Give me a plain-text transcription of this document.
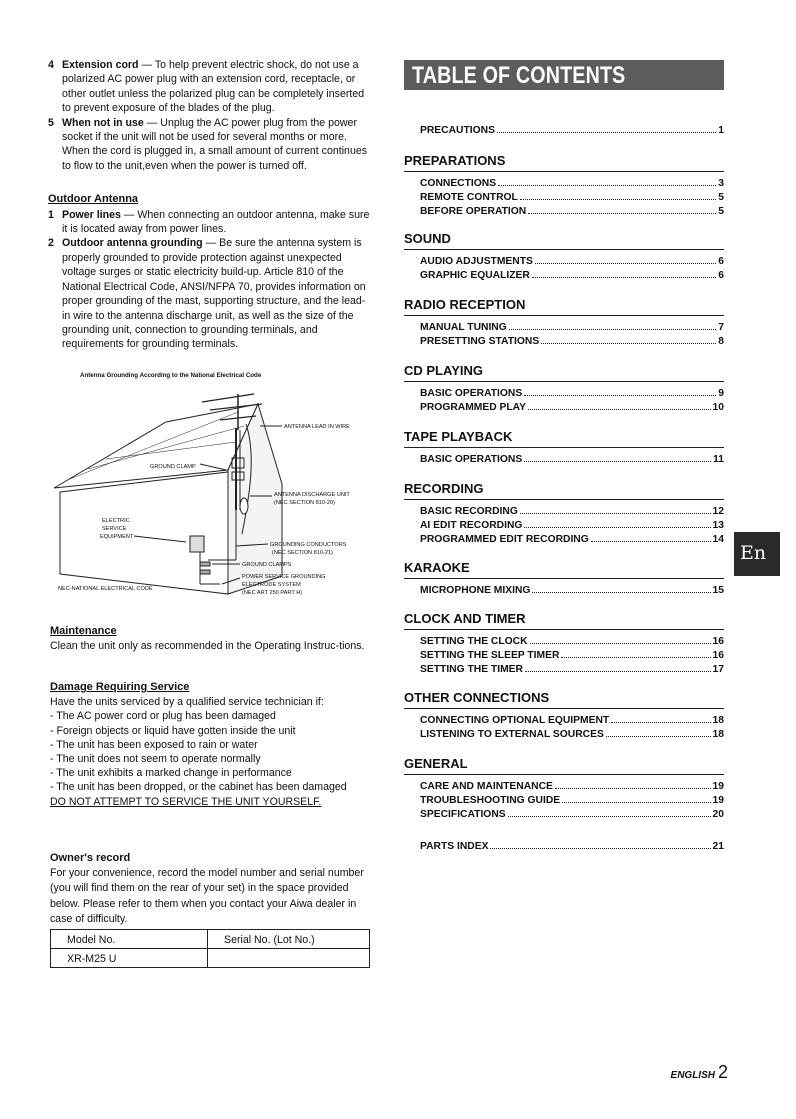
4 Extension cord — To help prevent electric shock, do not use a polarized AC power plug with an extension cord, receptacle, or other outlet unless the polarized plug can be completely inserted to prevent exposure of the blades of the plug.
5 When not in use — Unplug the AC power plug from the power socket if the unit will not be used for several months or more. When the cord is plugged in, a small amount of current continues to flow to the unit,even when the power is turned off.
Outdoor Antenna
1 Power lines — When connecting an outdoor antenna, make sure it is located away from power lines.
2 Outdoor antenna grounding — Be sure the antenna system is properly grounded to provide protection against unexpected voltage surges or static electricity build-up. Article 810 of the National Electrical Code, ANSI/NFPA 70, provides information on proper grounding of the mast, supporting structure, and the lead-in wire to the antenna discharge unit, as well as the size of the grounding unit, connection to grounding terminals, and requirements for grounding terminals.
Antenna Grounding According to the National Electrical Code
ANTENNA LEAD IN WIRE
GROUND CLAMP
ANTENNA DISCHARGE UNIT
(NEC SECTION 810-20)
ELECTRIC
SERVICE
EQUIPMENT
GROUNDING CONDUCTORS
(NEC SECTION 810-21)
GROUND CLAMPS
POWER SERVICE GROUNDING
ELECTRODE SYSTEM
(NEC ART 250 PART H)
NEC-NATIONAL ELECTRICAL CODE
Maintenance

Clean the unit only as recommended in the Operating Instruc-tions.

Damage Requiring Service

Have the units serviced by a qualified service technician if:

- The AC power cord or plug has been damaged
- Foreign objects or liquid have gotten inside the unit
- The unit has been exposed to rain or water
- The unit does not seem to operate normally
- The unit exhibits a marked change in performance
- The unit has been dropped, or the cabinet has been damaged
DO NOT ATTEMPT TO SERVICE THE UNIT YOURSELF.
Owner's record

For your convenience, record the model number and serial number (you will find them on the rear of your set) in the space provided below. Please refer to them when you contact your Aiwa dealer in case of difficulty.

Model No.	Serial No. (Lot No.)
XR-M25 U	
TABLE OF CONTENTS
PRECAUTIONS	1
PREPARATIONS
CONNECTIONS	3
REMOTE CONTROL	5
BEFORE OPERATION	5
SOUND
AUDIO ADJUSTMENTS	6
GRAPHIC EQUALIZER	6
RADIO RECEPTION
MANUAL TUNING	7
PRESETTING STATIONS	8
CD PLAYING
BASIC OPERATIONS	9
PROGRAMMED PLAY	10
TAPE PLAYBACK
BASIC OPERATIONS	11
RECORDING
BASIC RECORDING	12
AI EDIT RECORDING	13
PROGRAMMED EDIT RECORDING	14
KARAOKE
MICROPHONE MIXING	15
CLOCK AND TIMER
SETTING THE CLOCK	16
SETTING THE SLEEP TIMER	16
SETTING THE TIMER	17
OTHER CONNECTIONS
CONNECTING OPTIONAL EQUIPMENT	18
LISTENING TO EXTERNAL SOURCES	18
GENERAL
CARE AND MAINTENANCE	19
TROUBLESHOOTING GUIDE	19
SPECIFICATIONS	20
PARTS INDEX	21
En
ENGLISH 2
